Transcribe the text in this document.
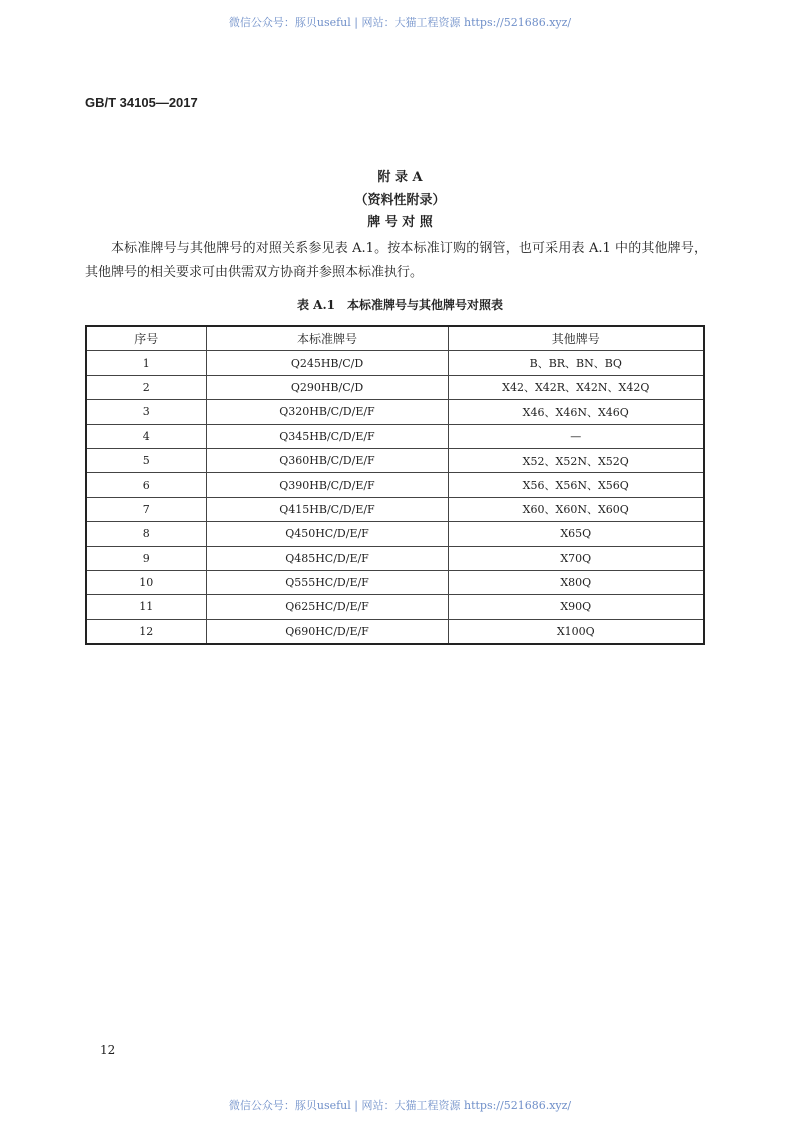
微信公众号：豚贝useful | 网站：大猫工程资源 https://521686.xyz/
GB/T 34105—2017
附 录 A
（资料性附录）
牌 号 对 照
本标准牌号与其他牌号的对照关系参见表 A.1。按本标准订购的钢管，也可采用表 A.1 中的其他牌号，其他牌号的相关要求可由供需双方协商并参照本标准执行。
表 A.1　本标准牌号与其他牌号对照表
序号	本标准牌号	其他牌号
1	Q245HB/C/D	B、BR、BN、BQ
2	Q290HB/C/D	X42、X42R、X42N、X42Q
3	Q320HB/C/D/E/F	X46、X46N、X46Q
4	Q345HB/C/D/E/F	—
5	Q360HB/C/D/E/F	X52、X52N、X52Q
6	Q390HB/C/D/E/F	X56、X56N、X56Q
7	Q415HB/C/D/E/F	X60、X60N、X60Q
8	Q450HC/D/E/F	X65Q
9	Q485HC/D/E/F	X70Q
10	Q555HC/D/E/F	X80Q
11	Q625HC/D/E/F	X90Q
12	Q690HC/D/E/F	X100Q
12
微信公众号：豚贝useful | 网站：大猫工程资源 https://521686.xyz/
